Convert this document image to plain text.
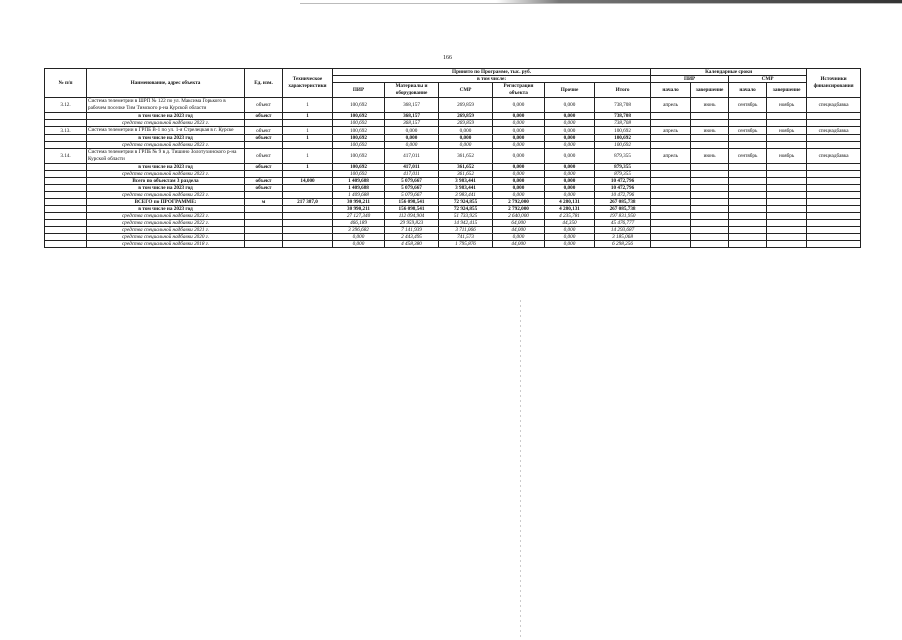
166
№ п/п	Наименование, адрес объекта	Ед. изм.	Техническое характеристики	Принято по Программе, тыс. руб.						Календарные сроки				Источники финансирования
				в том числе:						ПИР		СМР		
				ПИР	Материалы и оборудование	СМР	Регистрация объекта	Прочие	Итого	начало	завершение	начало	завершение	
3.12.	Система телеметрии в ШРП № 122 по ул. Максима Горького в рабочем поселке Тим Тимского р-на Курской области	объект	1	100,692	368,157	269,859	0,000	0,000	738,708	апрель	июнь	сентябрь	ноябрь	спецнадбавка
	в том числе на 2023 год	объект	1	100,692	368,157	269,859	0,000	0,000	738,708					
	средства специальной надбавки 2023 г.			100,692	368,157	269,859	0,000	0,000	738,708					
3.13.	Система телеметрии в ГРПБ В-1 по ул. 1-я Стрелецкая в г. Курске	объект	1	100,692	0,000	0,000	0,000	0,000	100,692	апрель	июнь	сентябрь	ноябрь	спецнадбавка
	в том числе на 2023 год	объект	1	100,692	0,000	0,000	0,000	0,000	100,692					
	средства специальной надбавки 2023 г.			100,692	0,000	0,000	0,000	0,000	100,692					
3.14.	Система телеметрии в ГРПБ № 9 в д. Тишино Золотухинского р-на Курской области	объект	1	100,692	417,011	361,652	0,000	0,000	879,355	апрель	июнь	сентябрь	ноябрь	спецнадбавка
	в том числе на 2023 год	объект	1	100,692	417,011	361,652	0,000	0,000	879,355					
	средства специальной надбавки 2023 г.			100,692	417,011	361,652	0,000	0,000	879,355					
	Всего по объектам 3 раздела	объект	14,000	1 409,688	5 079,667	3 983,441	0,000	0,000	10 472,796					
	в том числе на 2023 год	объект		1 409,688	5 079,667	3 983,441	0,000	0,000	10 472,796					
	средства специальной надбавки 2023 г.			1 409,688	5 079,667	3 983,441	0,000	0,000	10 472,796					
	ВСЕГО по ПРОГРАММЕ:	м	217 387,0	30 990,211	156 098,541	72 924,855	2 792,000	4 280,131	267 085,738					
	в том числе на 2023 год			30 990,211	156 098,541	72 924,855	2 792,000	4 280,131	267 085,738					
	средства специальной надбавки 2023 г.			27 127,340	112 094,904	51 733,925	2 640,000	4 235,781	197 831,950					
	средства специальной надбавки 2022 г.			466,189	29 959,823	14 942,415	64,000	44,350	45 476,777					
	средства специальной надбавки 2021 г.			3 396,682	7 141,939	3 711,066	44,000	0,000	14 293,687					
	средства специальной надбавки 2020 г.			0,000	2 443,495	741,573	0,000	0,000	3 185,068					
	средства специальной надбавки 2018 г.			0,000	4 458,380	1 795,876	44,000	0,000	6 298,256					
